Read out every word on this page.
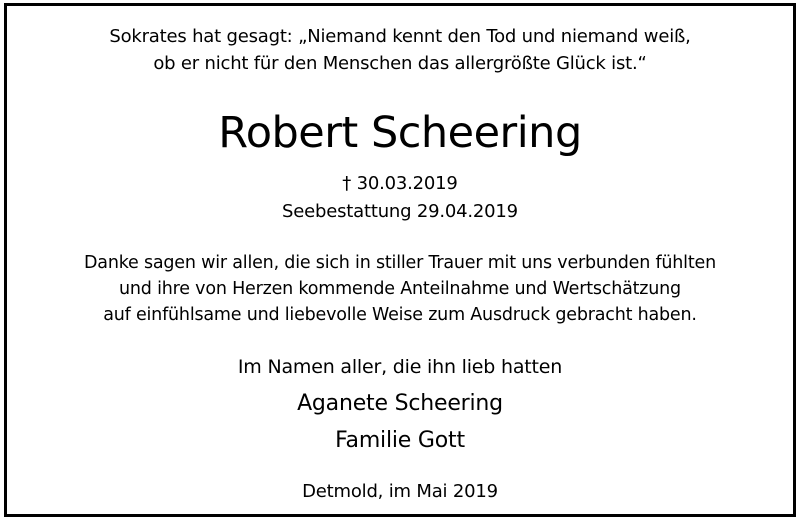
Sokrates hat gesagt: „Niemand kennt den Tod und niemand weiß,
ob er nicht für den Menschen das allergrößte Glück ist.“
Robert Scheering
† 30.03.2019
Seebestattung 29.04.2019
Danke sagen wir allen, die sich in stiller Trauer mit uns verbunden fühlten
und ihre von Herzen kommende Anteilnahme und Wertschätzung
auf einfühlsame und liebevolle Weise zum Ausdruck gebracht haben.
Im Namen aller, die ihn lieb hatten
Aganete Scheering
Familie Gott
Detmold, im Mai 2019
